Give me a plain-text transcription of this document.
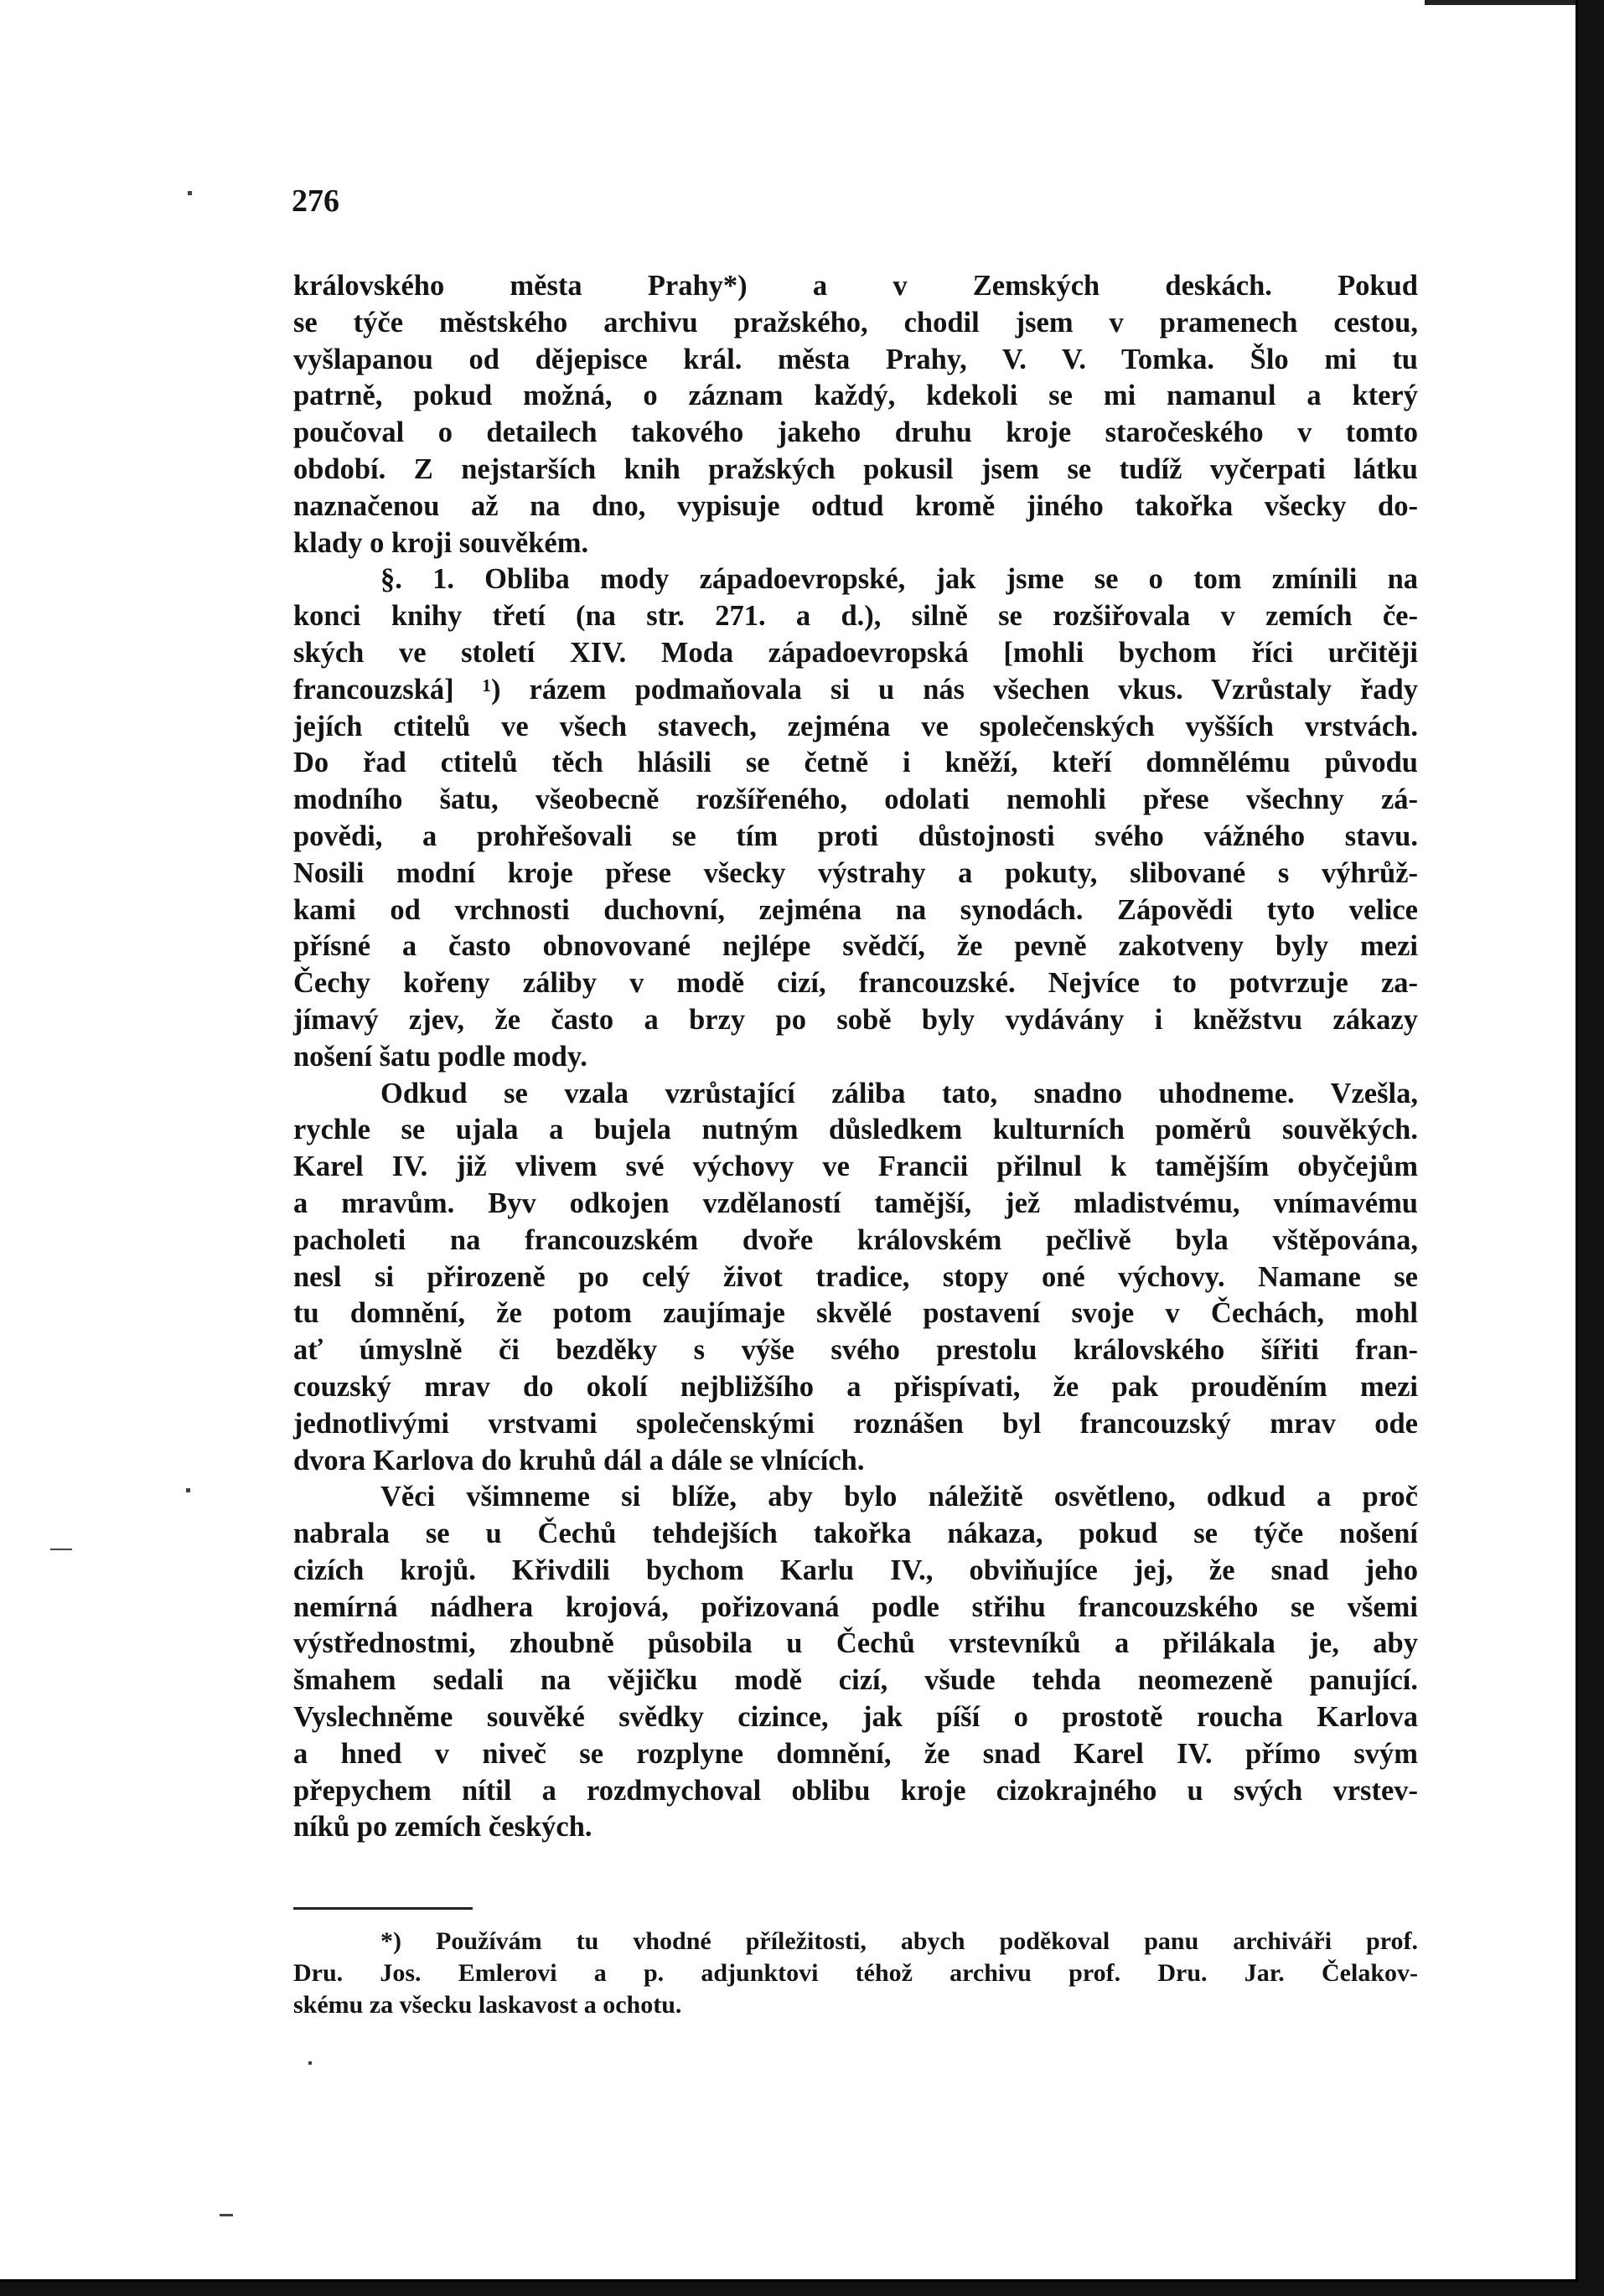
276
královského města Prahy*) a v Zemských deskách. Pokud
se týče městského archivu pražského, chodil jsem v pramenech cestou,
vyšlapanou od dějepisce král. města Prahy, V. V. Tomka. Šlo mi tu
patrně, pokud možná, o záznam každý, kdekoli se mi namanul a který
poučoval o detailech takového jakeho druhu kroje staročeského v tomto
období. Z nejstarších knih pražských pokusil jsem se tudíž vyčerpati látku
naznačenou až na dno, vypisuje odtud kromě jiného takořka všecky do-
klady o kroji souvěkém.
§. 1. Obliba mody západoevropské, jak jsme se o tom zmínili na
konci knihy třetí (na str. 271. a d.), silně se rozšiřovala v zemích če-
ských ve století XIV. Moda západoevropská [mohli bychom říci určitěji
francouzská] ¹) rázem podmaňovala si u nás všechen vkus. Vzrůstaly řady
jejích ctitelů ve všech stavech, zejména ve společenských vyšších vrstvách.
Do řad ctitelů těch hlásili se četně i kněží, kteří domnělému původu
modního šatu, všeobecně rozšířeného, odolati nemohli přese všechny zá-
povědi, a prohřešovali se tím proti důstojnosti svého vážného stavu.
Nosili modní kroje přese všecky výstrahy a pokuty, slibované s výhrůž-
kami od vrchnosti duchovní, zejména na synodách. Zápovědi tyto velice
přísné a často obnovované nejlépe svědčí, že pevně zakotveny byly mezi
Čechy kořeny záliby v modě cizí, francouzské. Nejvíce to potvrzuje za-
jímavý zjev, že často a brzy po sobě byly vydávány i kněžstvu zákazy
nošení šatu podle mody.
Odkud se vzala vzrůstající záliba tato, snadno uhodneme. Vzešla,
rychle se ujala a bujela nutným důsledkem kulturních poměrů souvěkých.
Karel IV. již vlivem své výchovy ve Francii přilnul k tamějším obyčejům
a mravům. Byv odkojen vzdělaností tamější, jež mladistvému, vnímavému
pacholeti na francouzském dvoře královském pečlivě byla vštěpována,
nesl si přirozeně po celý život tradice, stopy oné výchovy. Namane se
tu domnění, že potom zaujímaje skvělé postavení svoje v Čechách, mohl
ať úmyslně či bezděky s výše svého prestolu královského šířiti fran-
couzský mrav do okolí nejbližšího a přispívati, že pak prouděním mezi
jednotlivými vrstvami společenskými roznášen byl francouzský mrav ode
dvora Karlova do kruhů dál a dále se vlnících.
Věci všimneme si blíže, aby bylo náležitě osvětleno, odkud a proč
nabrala se u Čechů tehdejších takořka nákaza, pokud se týče nošení
cizích krojů. Křivdili bychom Karlu IV., obviňujíce jej, že snad jeho
nemírná nádhera krojová, pořizovaná podle střihu francouzského se všemi
výstřednostmi, zhoubně působila u Čechů vrstevníků a přilákala je, aby
šmahem sedali na vějičku modě cizí, všude tehda neomezeně panující.
Vyslechněme souvěké svědky cizince, jak píší o prostotě roucha Karlova
a hned v niveč se rozplyne domnění, že snad Karel IV. přímo svým
přepychem nítil a rozdmychoval oblibu kroje cizokrajného u svých vrstev-
níků po zemích českých.
*) Používám tu vhodné příležitosti, abych poděkoval panu archiváři prof.
Dru. Jos. Emlerovi a p. adjunktovi téhož archivu prof. Dru. Jar. Čelakov-
skému za všecku laskavost a ochotu.
